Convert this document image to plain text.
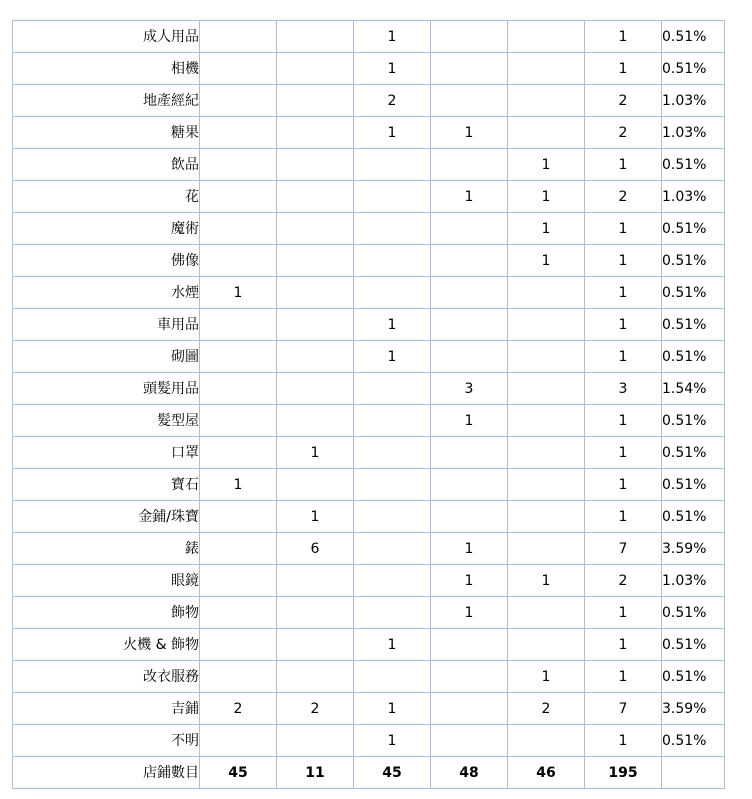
成人用品			1			1	0.51%
相機			1			1	0.51%
地產經紀			2			2	1.03%
糖果			1	1		2	1.03%
飲品					1	1	0.51%
花				1	1	2	1.03%
魔術					1	1	0.51%
佛像					1	1	0.51%
水煙	1					1	0.51%
車用品			1			1	0.51%
砌圖			1			1	0.51%
頭髮用品				3		3	1.54%
髮型屋				1		1	0.51%
口罩		1				1	0.51%
寶石	1					1	0.51%
金鋪/珠寶		1				1	0.51%
錶		6		1		7	3.59%
眼鏡				1	1	2	1.03%
飾物				1		1	0.51%
火機 & 飾物			1			1	0.51%
改衣服務					1	1	0.51%
吉鋪	2	2	1		2	7	3.59%
不明			1			1	0.51%
店鋪數目	45	11	45	48	46	195	
